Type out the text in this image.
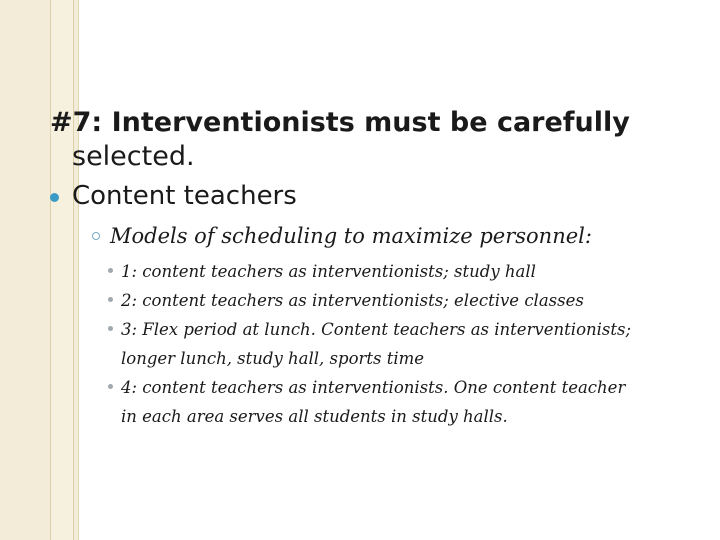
#7: Interventionists must be carefully
selected.
Content teachers
Models of scheduling to maximize personnel:
1: content teachers as interventionists; study hall
2: content teachers as interventionists; elective classes
3: Flex period at lunch. Content teachers as interventionists;
longer lunch, study hall, sports time
4: content teachers as interventionists. One content teacher
in each area serves all students in study halls.
